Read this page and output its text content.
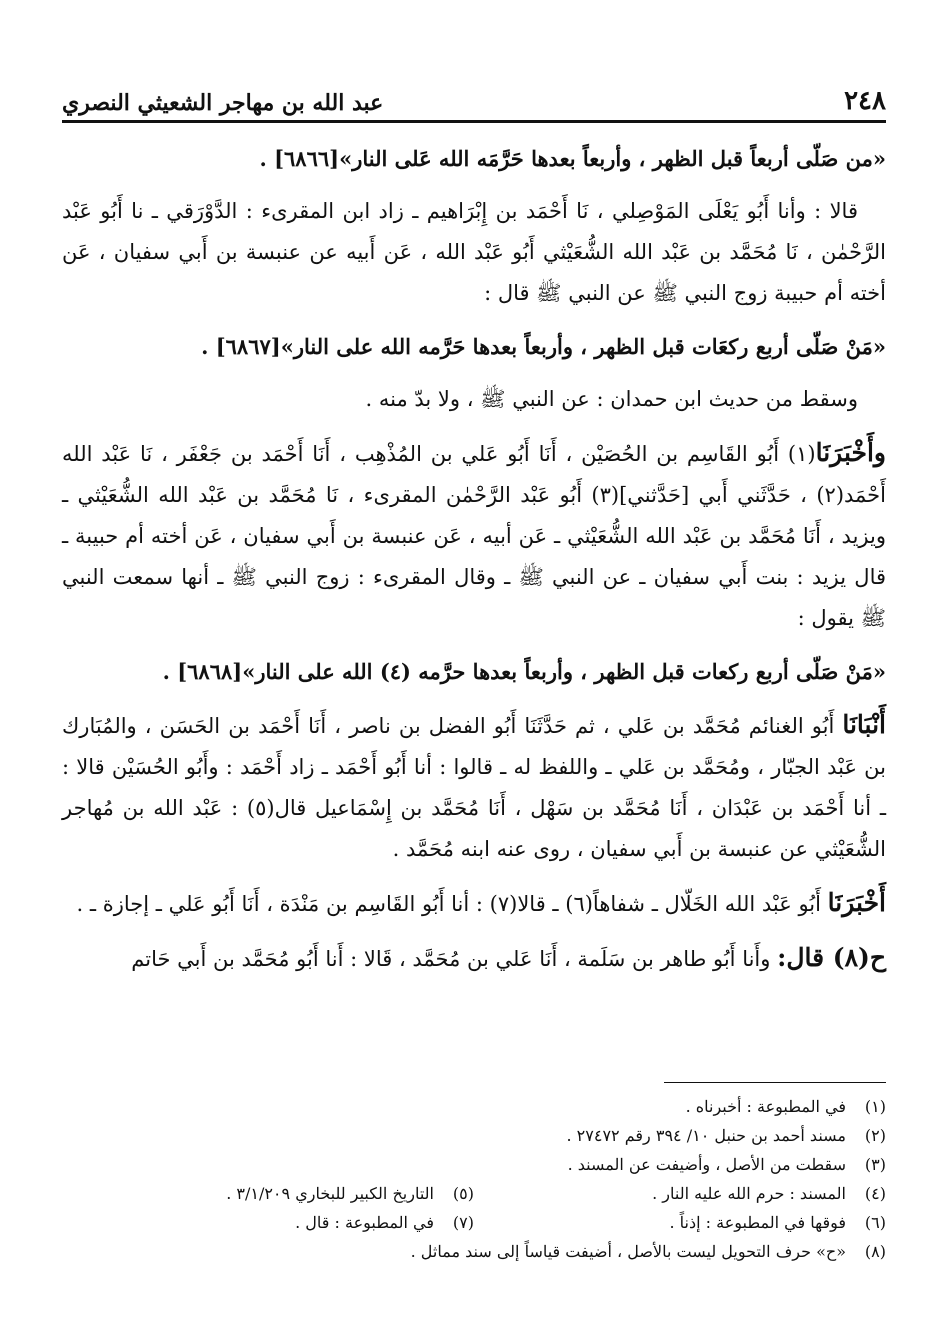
٢٤٨
عبد الله بن مهاجر الشعيثي النصري

«من صَلّى أربعاً قبل الظهر ، وأربعاً بعدها حَرَّمَه الله عَلى النار»[٦٨٦٦] .

قالا : وأنا أَبُو يَعْلَى المَوْصِلي ، نَا أَحْمَد بن إِبْرَاهيم ـ زاد ابن المقرىء : الدَّوْرَقي ـ نا أَبُو عَبْد الرَّحْمٰن ، نَا مُحَمَّد بن عَبْد الله الشُّعَيْثي أَبُو عَبْد الله ، عَن أَبيه عن عنبسة بن أَبي سفيان ، عَن أخته أم حبيبة زوج النبي ﷺ عن النبي ﷺ قال :

«مَنْ صَلّى أربع ركعَات قبل الظهر ، وأربعاً بعدها حَرَّمه الله على النار»[٦٨٦٧] .

وسقط من حديث ابن حمدان : عن النبي ﷺ ، ولا بدّ منه .

وأَخْبَرَنَا(١) أَبُو القَاسِم بن الحُصَيْن ، أَنَا أَبُو عَلي بن المُذْهِب ، أَنَا أَحْمَد بن جَعْفَر ، نَا عَبْد الله أَحْمَد(٢) ، حَدَّثَني أَبي [حَدَّثني](٣) أَبُو عَبْد الرَّحْمٰن المقرىء ، نَا مُحَمَّد بن عَبْد الله الشُّعَيْثي ـ ويزيد ، أَنَا مُحَمَّد بن عَبْد الله الشُّعَيْثي ـ عَن أبيه ، عَن عنبسة بن أَبي سفيان ، عَن أخته أم حبيبة ـ قال يزيد : بنت أَبي سفيان ـ عن النبي ﷺ ـ وقال المقرىء : زوج النبي ﷺ ـ أنها سمعت النبي ﷺ يقول :

«مَنْ صَلّى أربع ركعات قبل الظهر ، وأربعاً بعدها حرَّمه (٤) الله على النار»[٦٨٦٨] .

أَنْبَانَا أَبُو الغنائم مُحَمَّد بن عَلي ، ثم حَدَّثَنَا أَبُو الفضل بن ناصر ، أَنَا أَحْمَد بن الحَسَن ، والمُبَارك بن عَبْد الجبّار ، ومُحَمَّد بن عَلي ـ واللفظ له ـ قالوا : أنا أَبُو أَحْمَد ـ زاد أَحْمَد : وأَبُو الحُسَيْن قالا : ـ أنا أَحْمَد بن عَبْدَان ، أَنَا مُحَمَّد بن سَهْل ، أَنَا مُحَمَّد بن إِسْمَاعيل قال(٥) : عَبْد الله بن مُهاجر الشُّعَيْثي عن عنبسة بن أَبي سفيان ، روى عنه ابنه مُحَمَّد .

أَخْبَرَنَا أَبُو عَبْد الله الخَلّال ـ شفاهاً(٦) ـ قالا(٧) : أنا أَبُو القَاسِم بن مَنْدَة ، أَنَا أَبُو عَلي ـ إجازة ـ .

ح(٨) قال: وأَنا أَبُو طاهر بن سَلَمة ، أَنَا عَلي بن مُحَمَّد ، قَالا : أَنا أَبُو مُحَمَّد بن أَبي حَاتم

(١)
في المطبوعة : أخبرناه .
(٢)
مسند أحمد بن حنبل ١٠/ ٣٩٤ رقم ٢٧٤٧٢ .
(٣)
سقطت من الأصل ، وأضيفت عن المسند .
(٤)
المسند : حرم الله عليه النار .
(٥)
التاريخ الكبير للبخاري ٣/١/٢٠٩ .
(٦)
فوقها في المطبوعة : إذناً .
(٧)
في المطبوعة : قال .
(٨)
«ح» حرف التحويل ليست بالأصل ، أضيفت قياساً إلى سند مماثل .
